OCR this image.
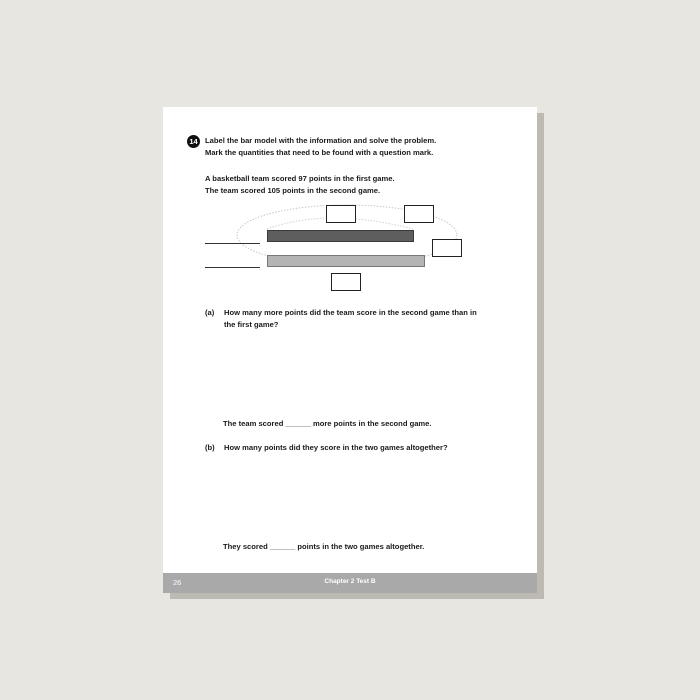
14 Label the bar model with the information and solve the problem.
Mark the quantities that need to be found with a question mark.
A basketball team scored 97 points in the first game.
The team scored 105 points in the second game.
(a) How many more points did the team score in the second game than in
the first game?
The team scored ______ more points in the second game.
(b) How many points did they score in the two games altogether?
They scored ______ points in the two games altogether.
26	Chapter 2 Test B
